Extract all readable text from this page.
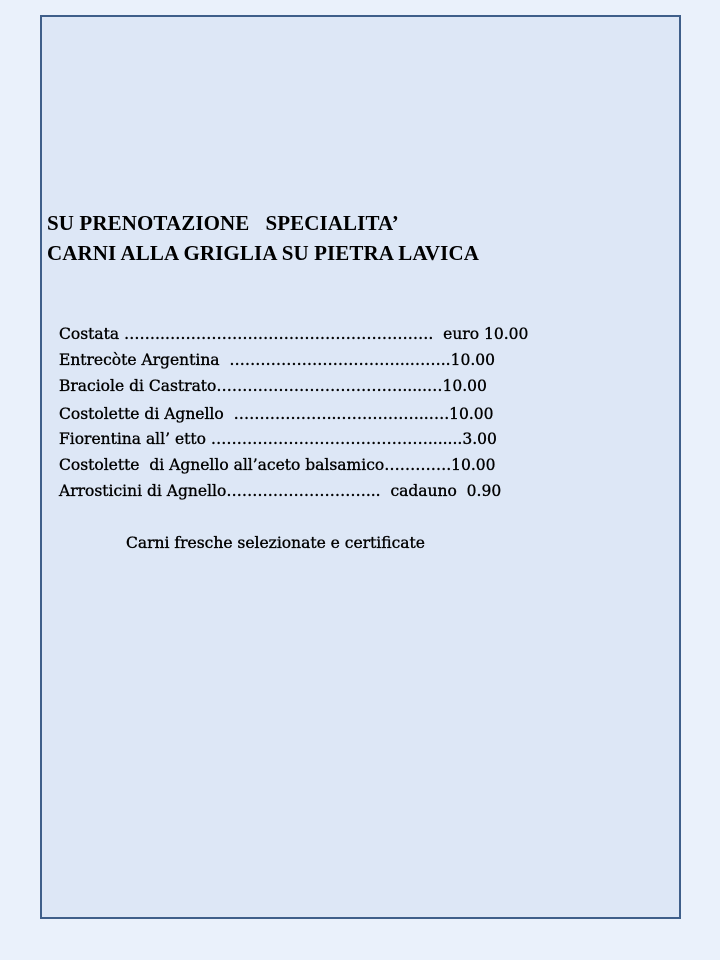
SU PRENOTAZIONE   SPECIALITA’
CARNI ALLA GRIGLIA SU PIETRA LAVICA
Costata ……..…………………………………………….  euro 10.00
Entrecòte Argentina  ……………………………..……..10.00
Braciole di Castrato……………………………….....…10.00
Costolette di Agnello  ………………...……………..….10.00
Fiorentina all’ etto …………………………………….......3.00
Costolette  di Agnello all’aceto balsamico………….10.00
Arrosticini di Agnello………………………...  cadauno  0.90
Carni fresche selezionate e certificate
